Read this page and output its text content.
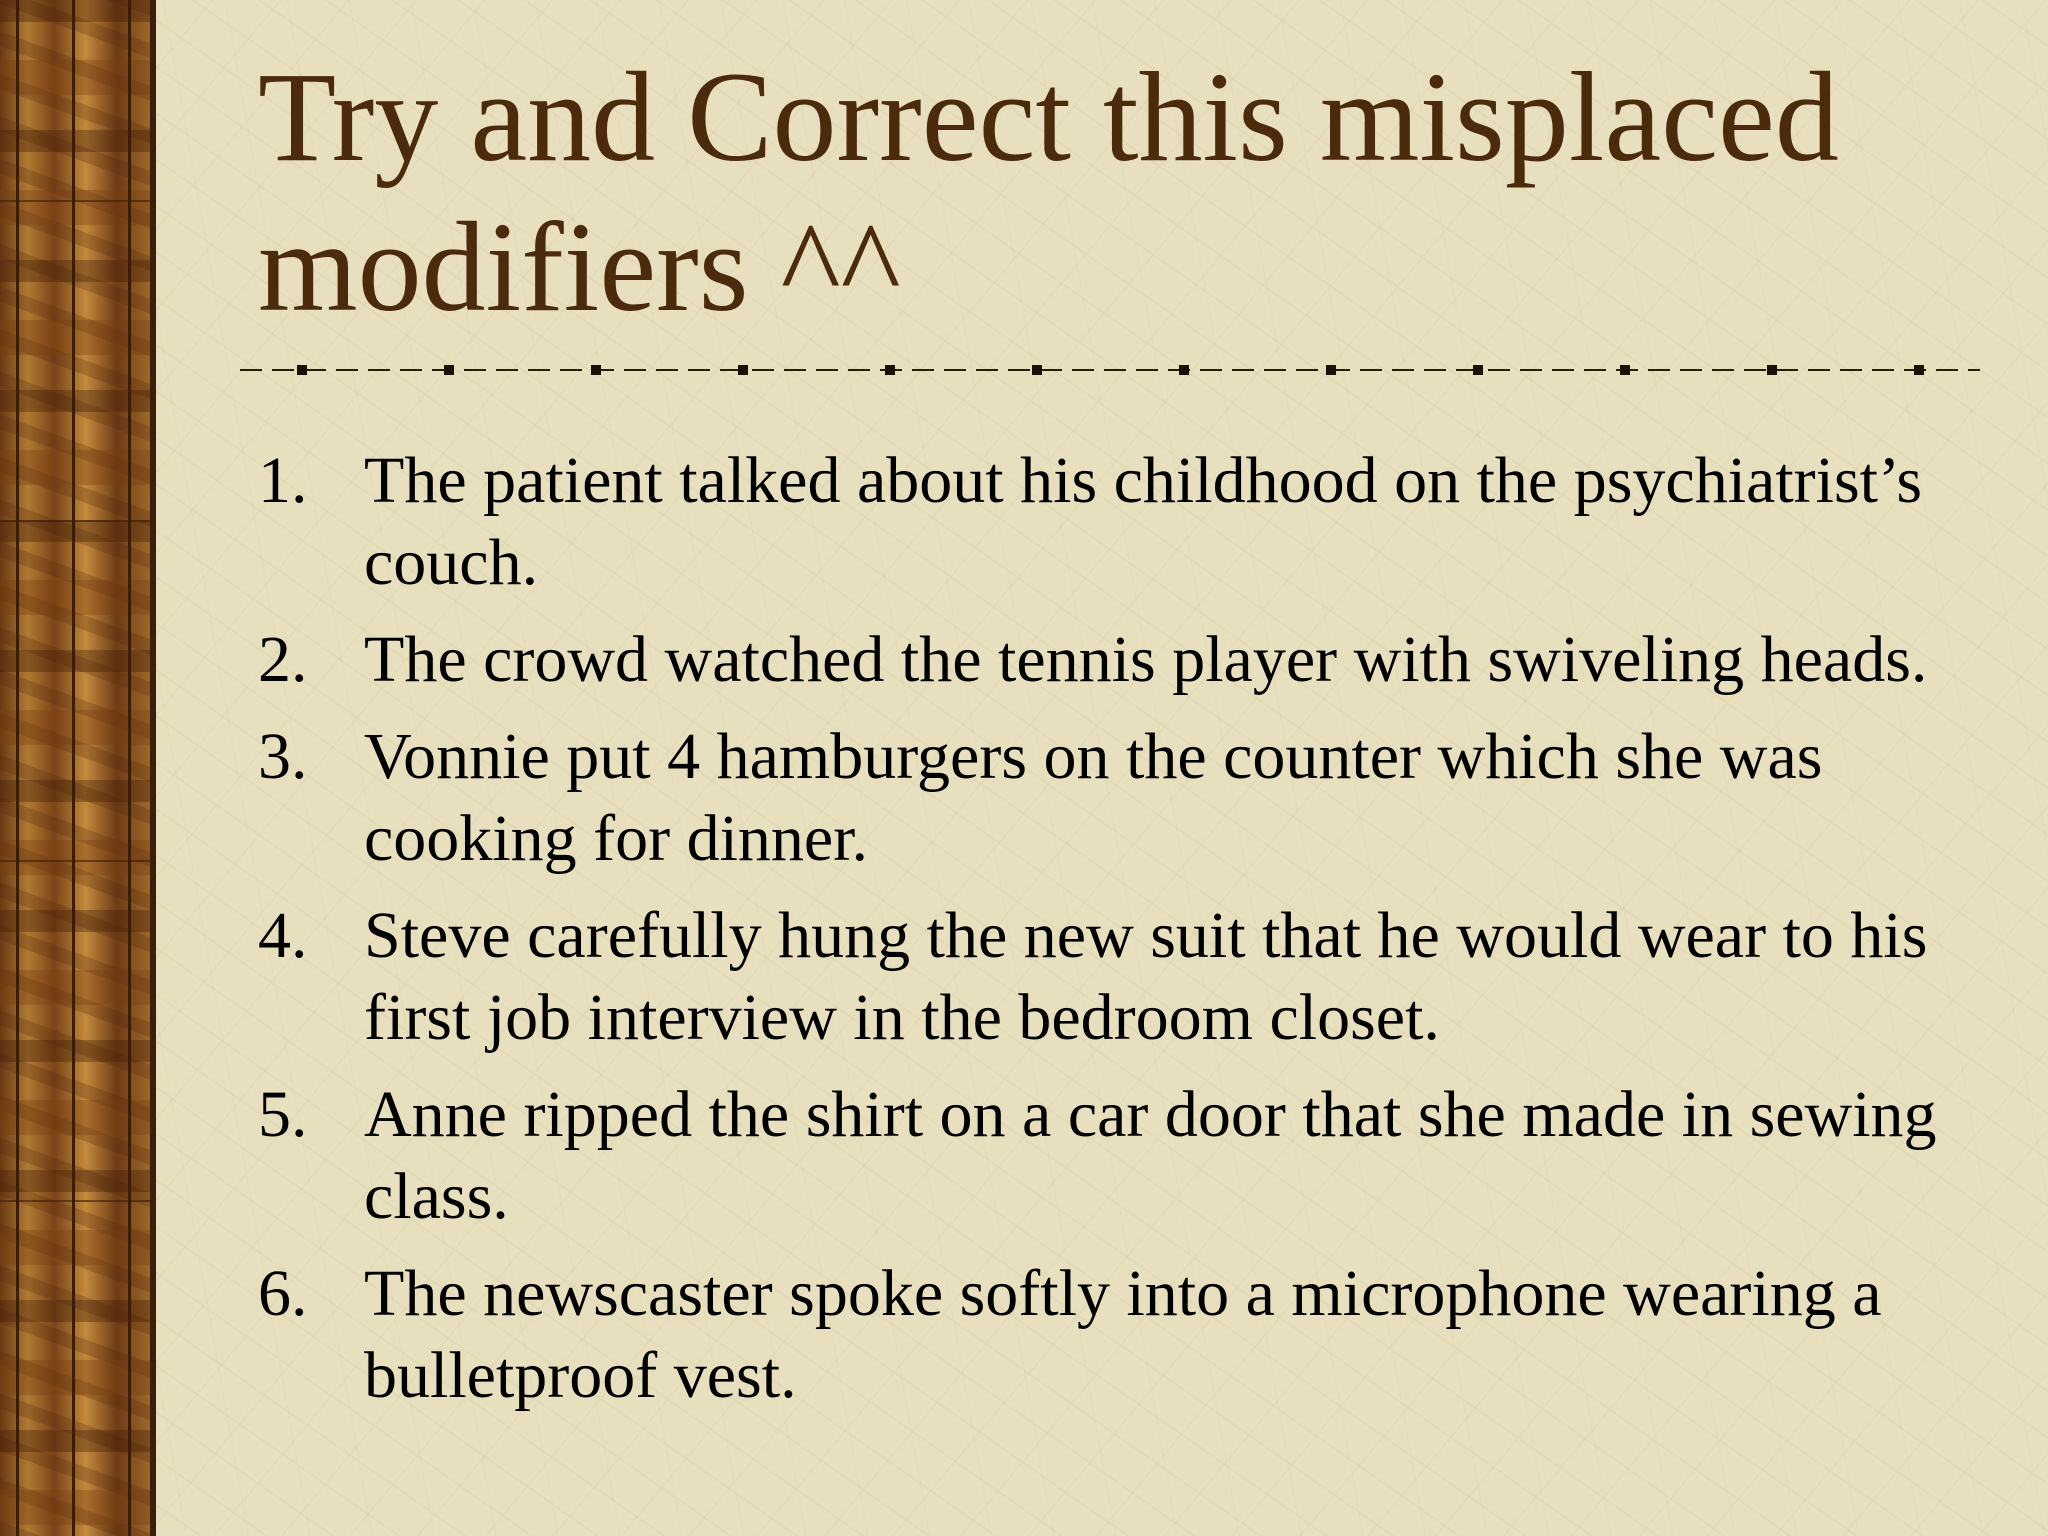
Try and Correct this misplaced modifiers ^^
1. The patient talked about his childhood on the psychiatrist’s couch.
2. The crowd watched the tennis player with swiveling heads.
3. Vonnie put 4 hamburgers on the counter which she was cooking for dinner.
4. Steve carefully hung the new suit that he would wear to his first job interview in the bedroom closet.
5. Anne ripped the shirt on a car door that she made in sewing class.
6. The newscaster spoke softly into a microphone wearing a bulletproof vest.
